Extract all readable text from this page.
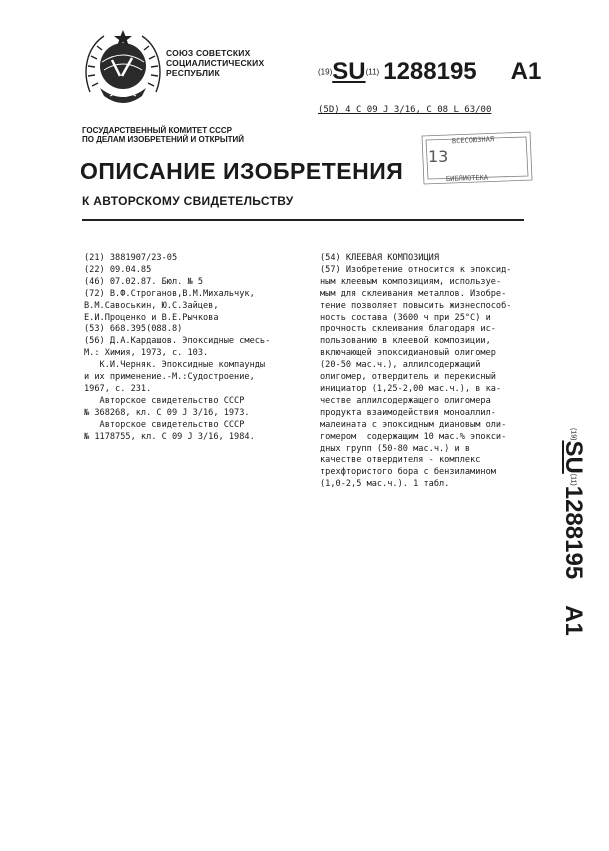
СОЮЗ СОВЕТСКИХ
СОЦИАЛИСТИЧЕСКИХ
РЕСПУБЛИК	(19)SU(11) 1288195 A1
(5D) 4 C 09 J 3/16, C 08 L 63/00
ГОСУДАРСТВЕННЫЙ КОМИТЕТ СССР
ПО ДЕЛАМ ИЗОБРЕТЕНИЙ И ОТКРЫТИЙ	ВСЕСОЮЗНАЯ
13
БИБЛИОТЕКА
ОПИСАНИЕ ИЗОБРЕТЕНИЯ
К АВТОРСКОМУ СВИДЕТЕЛЬСТВУ
(21) 3881907/23-05
(22) 09.04.85
(46) 07.02.87. Бюл. № 5
(72) В.Ф.Строганов,В.М.Михальчук,
В.М.Савоськин, Ю.С.Зайцев,
Е.И.Проценко и В.Е.Рычкова
(53) 668.395(088.8)
(56) Д.А.Кардашов. Эпоксидные смесь-
М.: Химия, 1973, с. 103.
К.И.Черняк. Эпоксидные компаунды
и их применение.-М.:Судостроение,
1967, с. 231.
Авторское свидетельство СССР
№ 368268, кл. С 09 J 3/16, 1973.
Авторское свидетельство СССР
№ 1178755, кл. С 09 J 3/16, 1984.
(54) КЛЕЕВАЯ КОМПОЗИЦИЯ
(57) Изобретение относится к эпоксид-
ным клеевым композициям, используе-
мым для склеивания металлов. Изобре-
тение позволяет повысить жизнеспособ-
ность состава (3600 ч при 25°С) и
прочность склеивания благодаря ис-
пользованию в клеевой композиции,
включающей эпоксидиановый олигомер
(20-50 мас.ч.), аллилсодержащий
олигомер, отвердитель и перекисный
инициатор (1,25-2,00 мас.ч.), в ка-
честве аллилсодержащего олигомера
продукта взаимодействия моноаллил-
малеината с эпоксидным диановым оли-
гомером  содержащим 10 мас.% эпокси-
дных групп (50-80 мас.ч.) и в
качестве отвердителя - комплекс
трехфтористого бора с бензиламином
(1,0-2,5 мас.ч.). 1 табл.
(19)SU(11)1288195A1
